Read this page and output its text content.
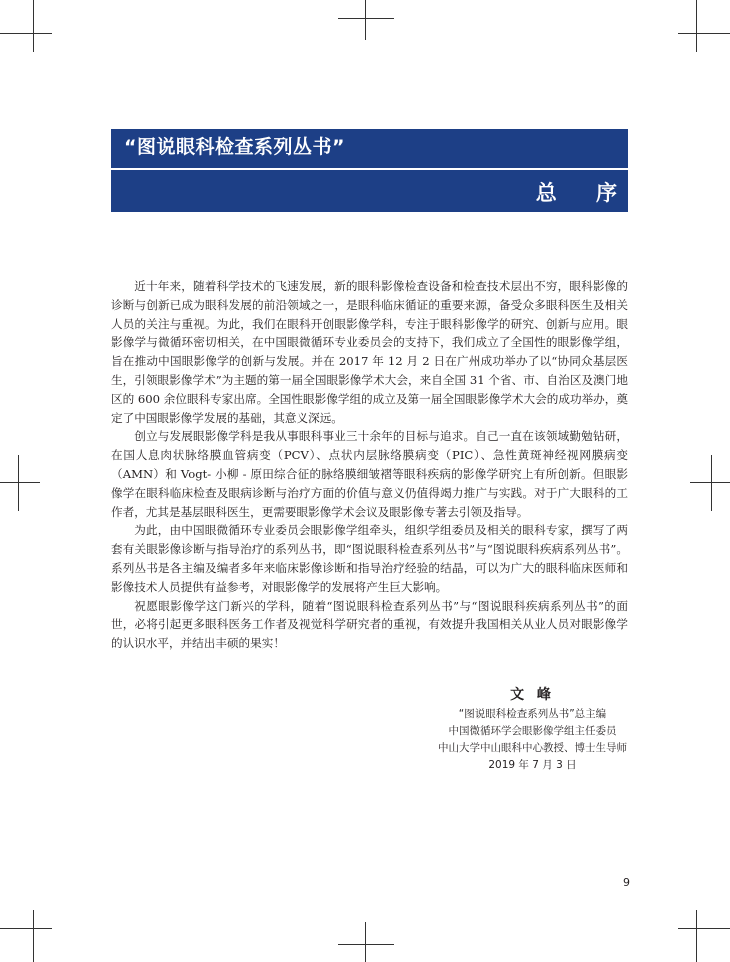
“图说眼科检查系列丛书”
总 序

近十年来，随着科学技术的飞速发展，新的眼科影像检查设备和检查技术层出不穷，眼科影像的诊断与创新已成为眼科发展的前沿领域之一，是眼科临床循证的重要来源，备受众多眼科医生及相关人员的关注与重视。为此，我们在眼科开创眼影像学科，专注于眼科影像学的研究、创新与应用。眼影像学与微循环密切相关，在中国眼微循环专业委员会的支持下，我们成立了全国性的眼影像学组，旨在推动中国眼影像学的创新与发展。并在 2017 年 12 月 2 日在广州成功举办了以“协同众基层医生，引领眼影像学术”为主题的第一届全国眼影像学术大会，来自全国 31 个省、市、自治区及澳门地区的 600 余位眼科专家出席。全国性眼影像学组的成立及第一届全国眼影像学术大会的成功举办，奠定了中国眼影像学发展的基础，其意义深远。

创立与发展眼影像学科是我从事眼科事业三十余年的目标与追求。自己一直在该领域勤勉钻研，在国人息肉状脉络膜血管病变（PCV）、点状内层脉络膜病变（PIC）、急性黄斑神经视网膜病变（AMN）和 Vogt- 小柳 - 原田综合征的脉络膜细皱褶等眼科疾病的影像学研究上有所创新。但眼影像学在眼科临床检查及眼病诊断与治疗方面的价值与意义仍值得竭力推广与实践。对于广大眼科的工作者，尤其是基层眼科医生，更需要眼影像学术会议及眼影像专著去引领及指导。

为此，由中国眼微循环专业委员会眼影像学组牵头，组织学组委员及相关的眼科专家，撰写了两套有关眼影像诊断与指导治疗的系列丛书，即“图说眼科检查系列丛书”与“图说眼科疾病系列丛书”。系列丛书是各主编及编者多年来临床影像诊断和指导治疗经验的结晶，可以为广大的眼科临床医师和影像技术人员提供有益参考，对眼影像学的发展将产生巨大影响。

祝愿眼影像学这门新兴的学科，随着“图说眼科检查系列丛书”与“图说眼科疾病系列丛书”的面世，必将引起更多眼科医务工作者及视觉科学研究者的重视，有效提升我国相关从业人员对眼影像学的认识水平，并结出丰硕的果实！

文 峰
“图说眼科检查系列丛书”总主编
中国微循环学会眼影像学组主任委员
中山大学中山眼科中心教授、博士生导师
2019 年 7 月 3 日
9
